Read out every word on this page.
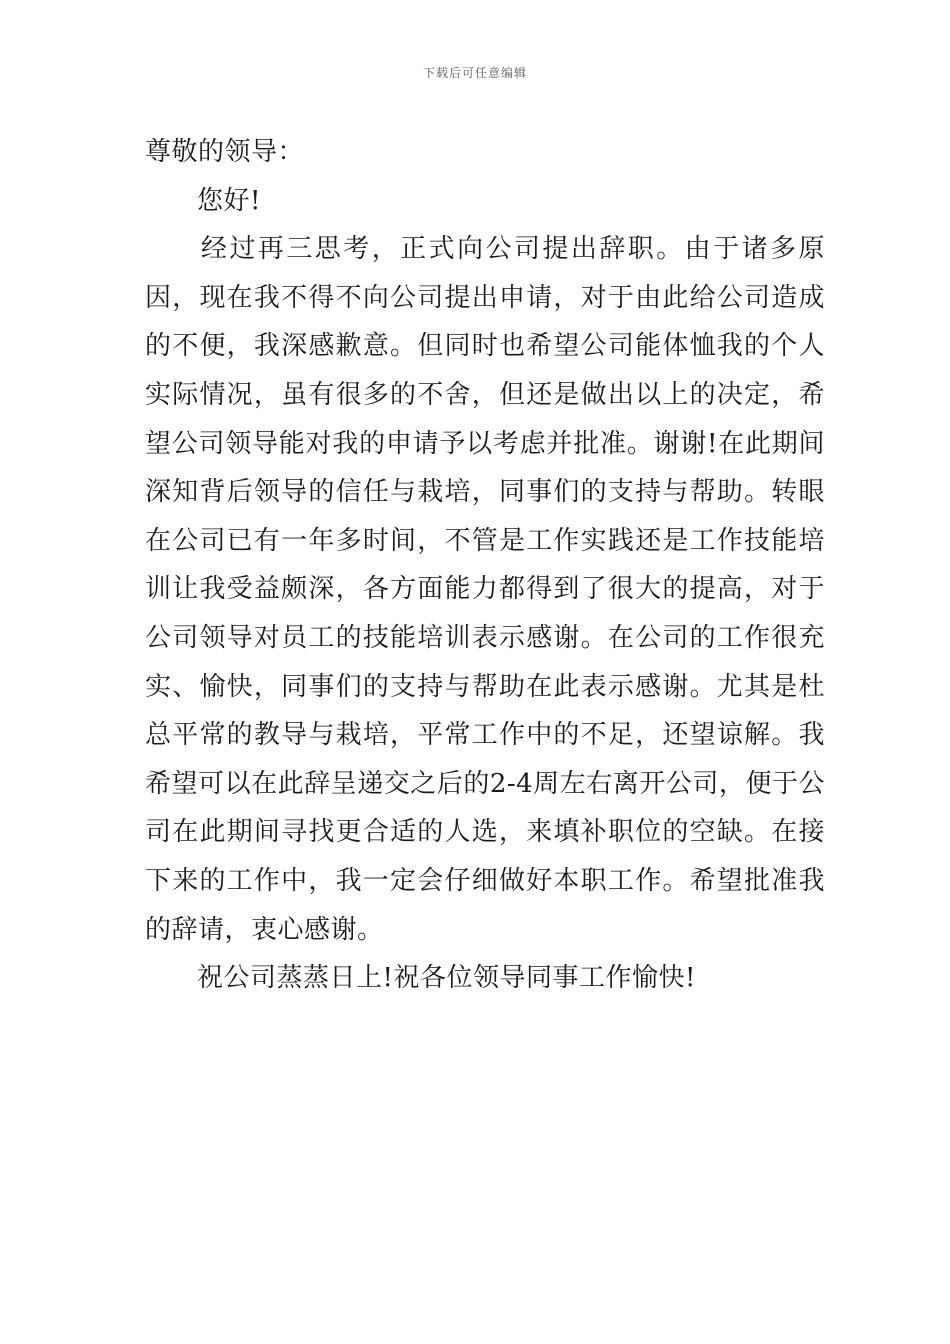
下载后可任意编辑

尊敬的领导：

您好!

经过再三思考，正式向公司提出辞职。由于诸多原因，现在我不得不向公司提出申请，对于由此给公司造成的不便，我深感歉意。但同时也希望公司能体恤我的个人实际情况，虽有很多的不舍，但还是做出以上的决定，希望公司领导能对我的申请予以考虑并批准。谢谢!在此期间深知背后领导的信任与栽培，同事们的支持与帮助。转眼在公司已有一年多时间，不管是工作实践还是工作技能培训让我受益颇深，各方面能力都得到了很大的提高，对于公司领导对员工的技能培训表示感谢。在公司的工作很充实、愉快，同事们的支持与帮助在此表示感谢。尤其是杜总平常的教导与栽培，平常工作中的不足，还望谅解。我希望可以在此辞呈递交之后的2-4周左右离开公司，便于公司在此期间寻找更合适的人选，来填补职位的空缺。在接下来的工作中，我一定会仔细做好本职工作。希望批准我的辞请，衷心感谢。

祝公司蒸蒸日上!祝各位领导同事工作愉快!
